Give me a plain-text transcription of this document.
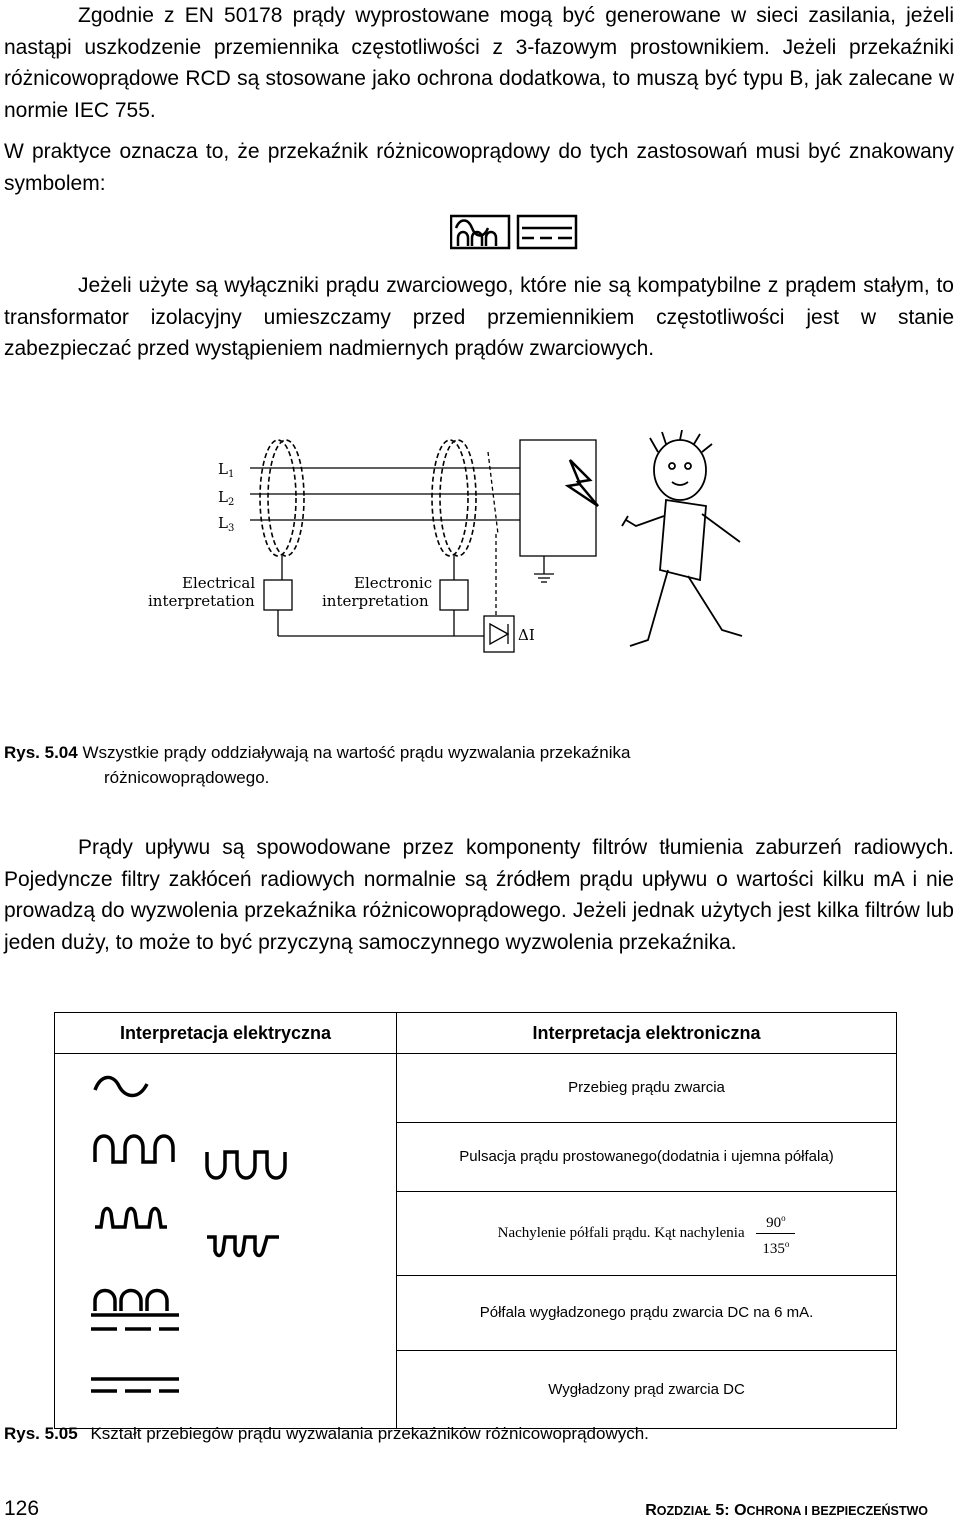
Zgodnie z EN 50178 prądy wyprostowane mogą być generowane w sieci zasilania, jeżeli nastąpi uszkodzenie przemiennika częstotliwości z 3-fazowym prostownikiem. Jeżeli przekaźniki różnicowoprądowe RCD są stosowane jako ochrona dodatkowa, to muszą być typu B, jak zalecane w normie IEC 755.

W praktyce oznacza to, że przekaźnik różnicowoprądowy do tych zastosowań musi być znakowany symbolem:

Jeżeli użyte są wyłączniki prądu zwarciowego, które nie są kompatybilne z prądem stałym, to transformator izolacyjny umieszczamy przed przemiennikiem częstotliwości jest w stanie zabezpieczać przed wystąpieniem nadmiernych prądów zwarciowych.

$L_1$
$L_2$
$L_3$
Electrical
interpretation
Electronic
interpretation
ΔI
Rys. 5.04 Wszystkie prądy oddziaływają na wartość prądu wyzwalania przekaźnika
różnicowoprądowego.

Prądy upływu są spowodowane przez komponenty filtrów tłumienia zaburzeń radiowych. Pojedyncze filtry zakłóceń radiowych normalnie są źródłem prądu upływu o wartości kilku mA i nie prowadzą do wyzwolenia przekaźnika różnicowoprądowego. Jeżeli jednak użytych jest kilka filtrów lub jeden duży, to może to być przyczyną samoczynnego wyzwolenia przekaźnika.

Interpretacja elektryczna	Interpretacja elektroniczna
	Przebieg prądu zwarcia
	Pulsacja prądu prostowanego(dodatnia i ujemna półfala)
	Nachylenie półfali prądu. Kąt nachylenia $\frac{90^o}{135^o}$

	Półfala wygładzonego prądu zwarcia DC na 6 mA.
	Wygładzony prąd zwarcia DC
Rys. 5.05 Kształt przebiegów prądu wyzwalania przekaźników różnicowoprądowych.
126	ROZDZIAŁ 5: OCHRONA I BEZPIECZEŃSTWO
